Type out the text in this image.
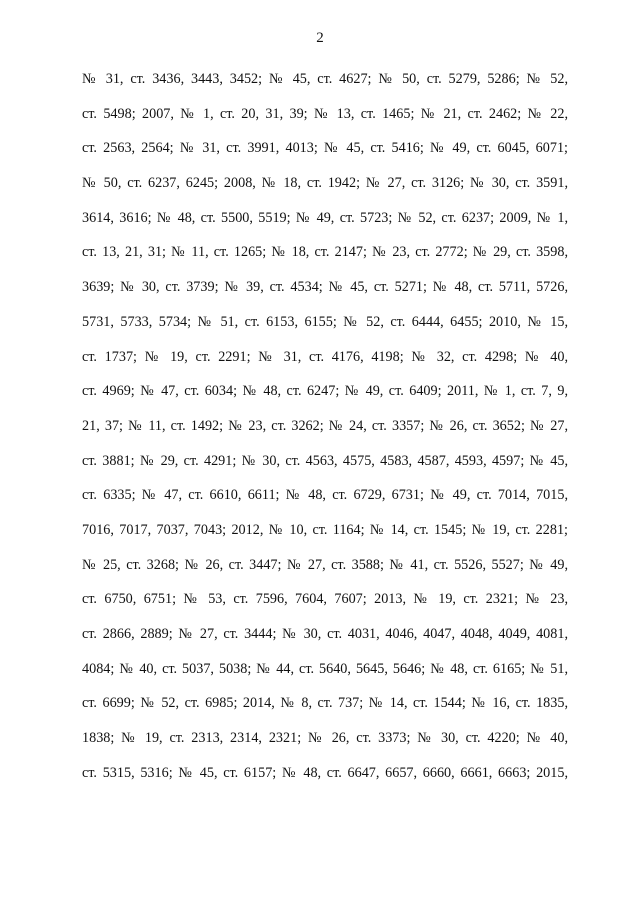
2
№ 31, ст. 3436, 3443, 3452; № 45, ст. 4627; № 50, ст. 5279, 5286; № 52,
ст. 5498; 2007, № 1, ст. 20, 31, 39; № 13, ст. 1465; № 21, ст. 2462; № 22,
ст. 2563, 2564; № 31, ст. 3991, 4013; № 45, ст. 5416; № 49, ст. 6045, 6071;
№ 50, ст. 6237, 6245; 2008, № 18, ст. 1942; № 27, ст. 3126; № 30, ст. 3591,
3614, 3616; № 48, ст. 5500, 5519; № 49, ст. 5723; № 52, ст. 6237; 2009, № 1,
ст. 13, 21, 31; № 11, ст. 1265; № 18, ст. 2147; № 23, ст. 2772; № 29, ст. 3598,
3639; № 30, ст. 3739; № 39, ст. 4534; № 45, ст. 5271; № 48, ст. 5711, 5726,
5731, 5733, 5734; № 51, ст. 6153, 6155; № 52, ст. 6444, 6455; 2010, № 15,
ст. 1737; № 19, ст. 2291; № 31, ст. 4176, 4198; № 32, ст. 4298; № 40,
ст. 4969; № 47, ст. 6034; № 48, ст. 6247; № 49, ст. 6409; 2011, № 1, ст. 7, 9,
21, 37; № 11, ст. 1492; № 23, ст. 3262; № 24, ст. 3357; № 26, ст. 3652; № 27,
ст. 3881; № 29, ст. 4291; № 30, ст. 4563, 4575, 4583, 4587, 4593, 4597; № 45,
ст. 6335; № 47, ст. 6610, 6611; № 48, ст. 6729, 6731; № 49, ст. 7014, 7015,
7016, 7017, 7037, 7043; 2012, № 10, ст. 1164; № 14, ст. 1545; № 19, ст. 2281;
№ 25, ст. 3268; № 26, ст. 3447; № 27, ст. 3588; № 41, ст. 5526, 5527; № 49,
ст. 6750, 6751; № 53, ст. 7596, 7604, 7607; 2013, № 19, ст. 2321; № 23,
ст. 2866, 2889; № 27, ст. 3444; № 30, ст. 4031, 4046, 4047, 4048, 4049, 4081,
4084; № 40, ст. 5037, 5038; № 44, ст. 5640, 5645, 5646; № 48, ст. 6165; № 51,
ст. 6699; № 52, ст. 6985; 2014, № 8, ст. 737; № 14, ст. 1544; № 16, ст. 1835,
1838; № 19, ст. 2313, 2314, 2321; № 26, ст. 3373; № 30, ст. 4220; № 40,
ст. 5315, 5316; № 45, ст. 6157; № 48, ст. 6647, 6657, 6660, 6661, 6663; 2015,
